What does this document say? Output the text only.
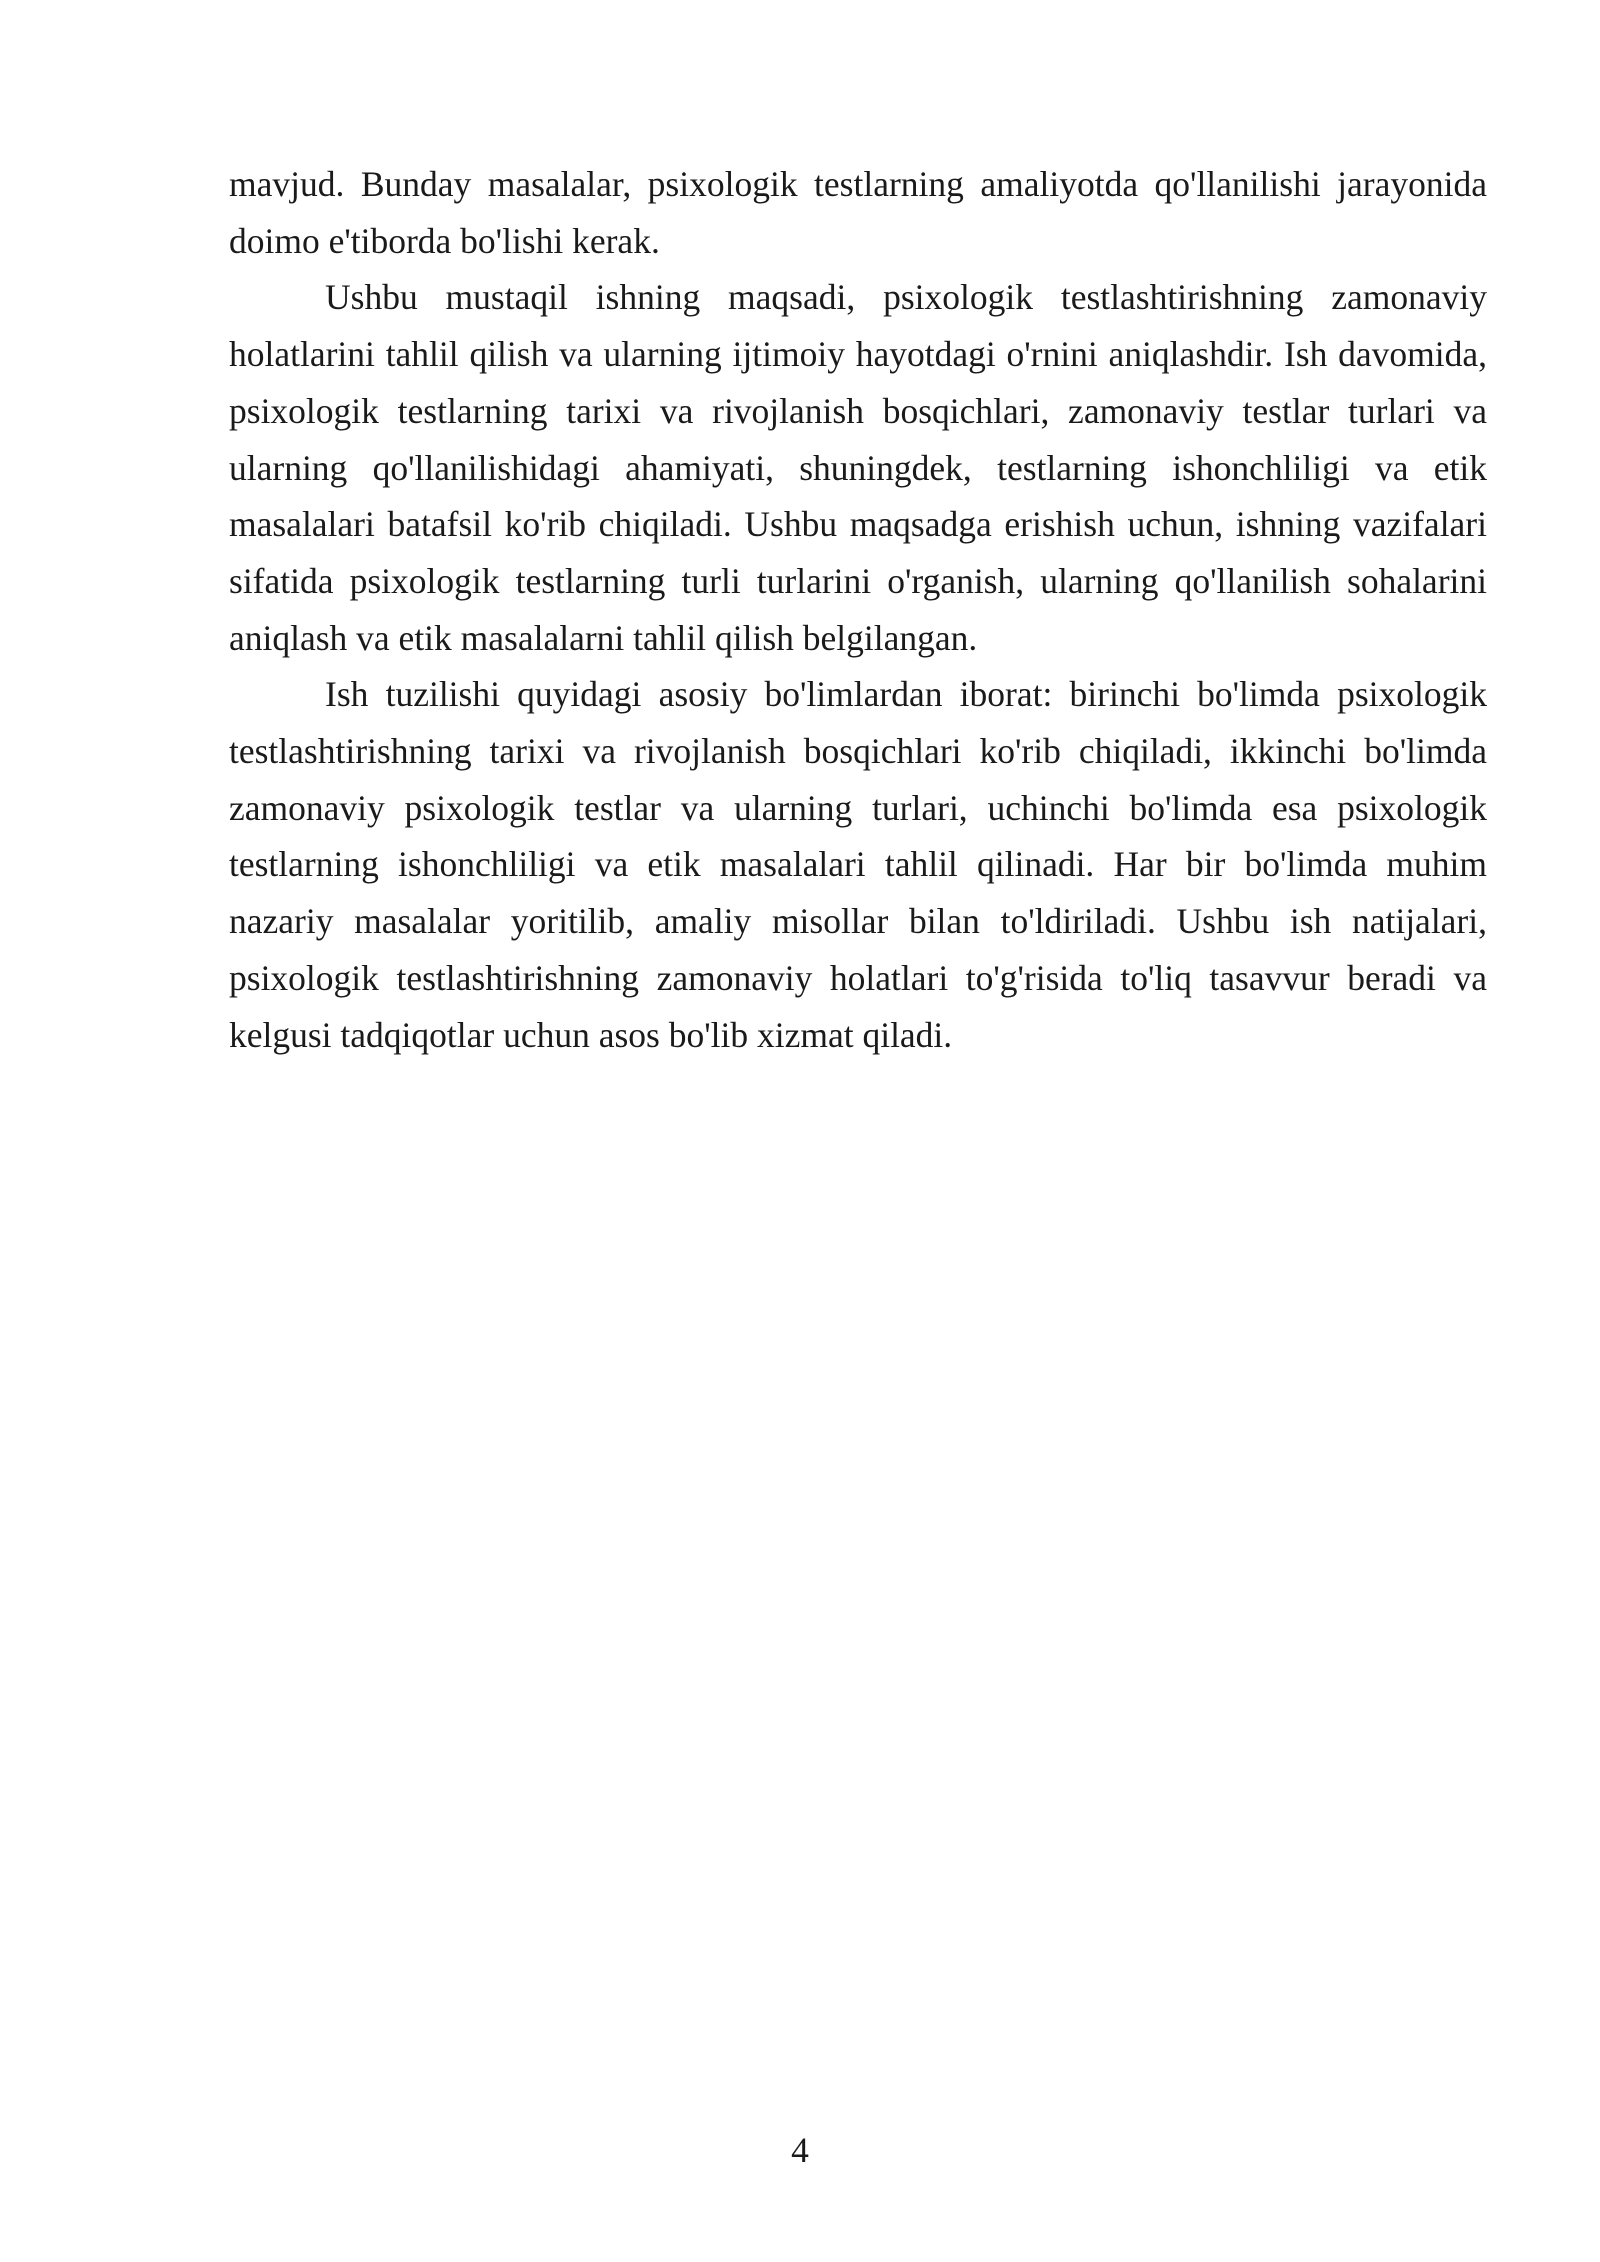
mavjud. Bunday masalalar, psixologik testlarning amaliyotda qo'llanilishi jarayonida doimo e'tiborda bo'lishi kerak.

Ushbu mustaqil ishning maqsadi, psixologik testlashtirishning zamonaviy holatlarini tahlil qilish va ularning ijtimoiy hayotdagi o'rnini aniqlashdir. Ish davomida, psixologik testlarning tarixi va rivojlanish bosqichlari, zamonaviy testlar turlari va ularning qo'llanilishidagi ahamiyati, shuningdek, testlarning ishonchliligi va etik masalalari batafsil ko'rib chiqiladi. Ushbu maqsadga erishish uchun, ishning vazifalari sifatida psixologik testlarning turli turlarini o'rganish, ularning qo'llanilish sohalarini aniqlash va etik masalalarni tahlil qilish belgilangan.

Ish tuzilishi quyidagi asosiy bo'limlardan iborat: birinchi bo'limda psixologik testlashtirishning tarixi va rivojlanish bosqichlari ko'rib chiqiladi, ikkinchi bo'limda zamonaviy psixologik testlar va ularning turlari, uchinchi bo'limda esa psixologik testlarning ishonchliligi va etik masalalari tahlil qilinadi. Har bir bo'limda muhim nazariy masalalar yoritilib, amaliy misollar bilan to'ldiriladi. Ushbu ish natijalari, psixologik testlashtirishning zamonaviy holatlari to'g'risida to'liq tasavvur beradi va kelgusi tadqiqotlar uchun asos bo'lib xizmat qiladi.

4
